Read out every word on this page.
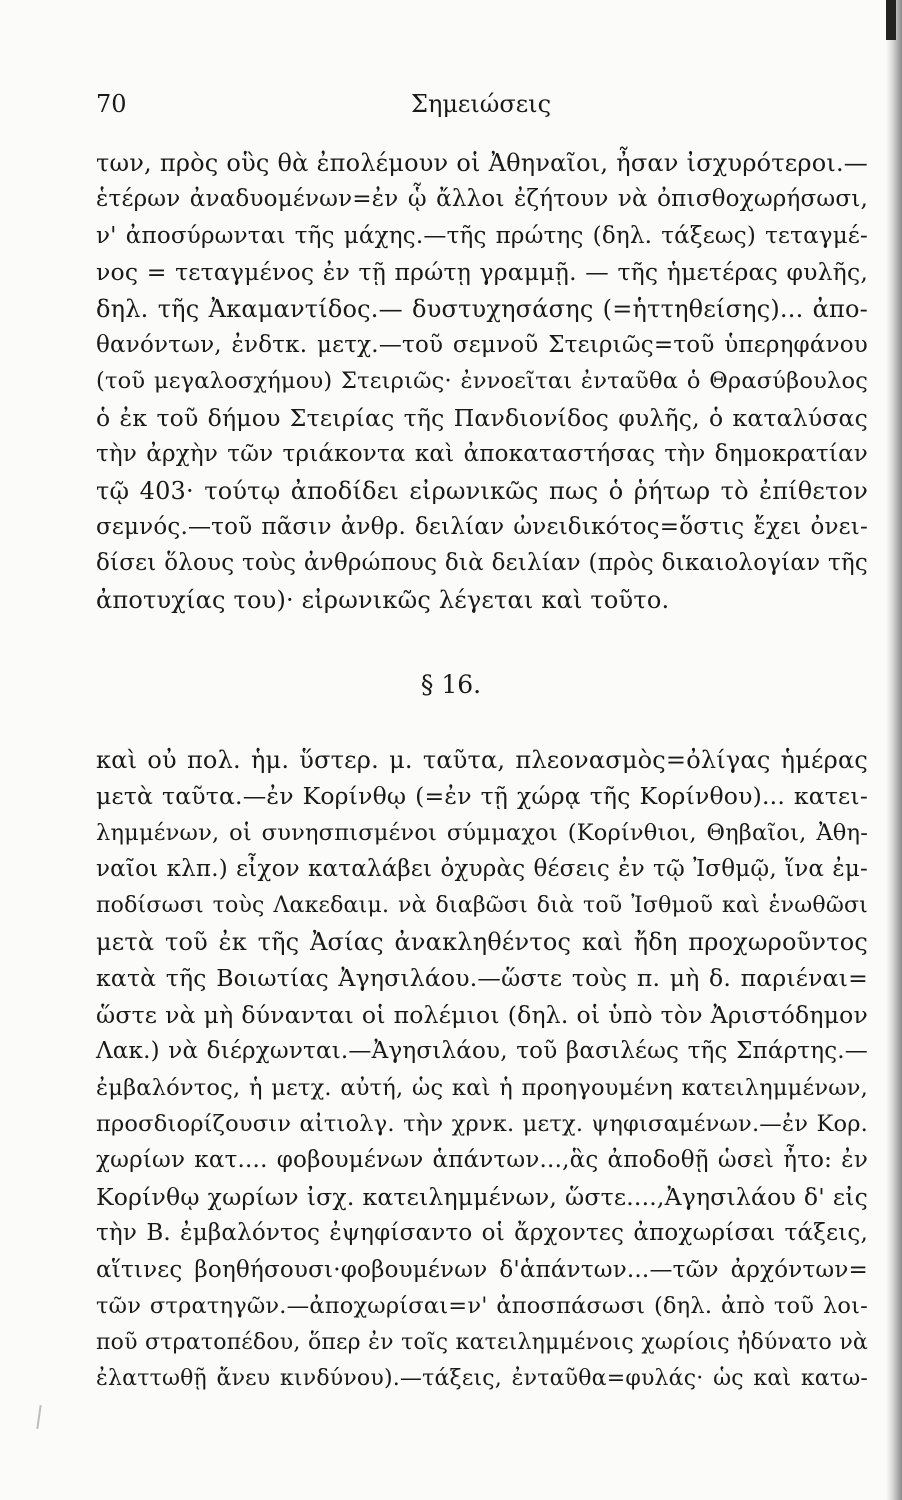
70	Σημειώσεις
των, πρὸς οὓς θὰ ἐπολέμουν οἱ Ἀθηναῖοι, ἦσαν ἰσχυρότεροι.—
ἑτέρων ἀναδυομένων=ἐν ᾧ ἄλλοι ἐζήτουν νὰ ὀπισθοχωρήσωσι,
ν' ἀποσύρωνται τῆς μάχης.—τῆς πρώτης (δηλ. τάξεως) τεταγμέ-
νος = τεταγμένος ἐν τῇ πρώτῃ γραμμῇ. — τῆς ἡμετέρας φυλῆς,
δηλ. τῆς Ἀκαμαντίδος.— δυστυχησάσης (=ἡττηθείσης)... ἀπο-
θανόντων, ἐνδτκ. μετχ.—τοῦ σεμνοῦ Στειριῶς=τοῦ ὑπερηφάνου
(τοῦ μεγαλοσχήμου) Στειριῶς· ἐννοεῖται ἐνταῦθα ὁ Θρασύβουλος
ὁ ἐκ τοῦ δήμου Στειρίας τῆς Πανδιονίδος φυλῆς, ὁ καταλύσας
τὴν ἀρχὴν τῶν τριάκοντα καὶ ἀποκαταστήσας τὴν δημοκρατίαν
τῷ 403· τούτῳ ἀποδίδει εἰρωνικῶς πως ὁ ῥήτωρ τὸ ἐπίθετον
σεμνός.—τοῦ πᾶσιν ἀνθρ. δειλίαν ὠνειδικότος=ὅστις ἔχει ὀνει-
δίσει ὅλους τοὺς ἀνθρώπους διὰ δειλίαν (πρὸς δικαιολογίαν τῆς
ἀποτυχίας του)· εἰρωνικῶς λέγεται καὶ τοῦτο.
§ 16.
καὶ οὐ πολ. ἡμ. ὕστερ. μ. ταῦτα, πλεονασμὸς=ὀλίγας ἡμέρας
μετὰ ταῦτα.—ἐν Κορίνθῳ (=ἐν τῇ χώρᾳ τῆς Κορίνθου)... κατει-
λημμένων, οἱ συνησπισμένοι σύμμαχοι (Κορίνθιοι, Θηβαῖοι, Ἀθη-
ναῖοι κλπ.) εἶχον καταλάβει ὀχυρὰς θέσεις ἐν τῷ Ἰσθμῷ, ἵνα ἐμ-
ποδίσωσι τοὺς Λακεδαιμ. νὰ διαβῶσι διὰ τοῦ Ἰσθμοῦ καὶ ἑνωθῶσι
μετὰ τοῦ ἐκ τῆς Ἀσίας ἀνακληθέντος καὶ ἤδη προχωροῦντος
κατὰ τῆς Βοιωτίας Ἀγησιλάου.—ὥστε τοὺς π. μὴ δ. παριέναι=
ὥστε νὰ μὴ δύνανται οἱ πολέμιοι (δηλ. οἱ ὑπὸ τὸν Ἀριστόδημον
Λακ.) νὰ διέρχωνται.—Ἀγησιλάου, τοῦ βασιλέως τῆς Σπάρτης.—
ἐμβαλόντος, ἡ μετχ. αὐτή, ὡς καὶ ἡ προηγουμένη κατειλημμένων,
προσδιορίζουσιν αἰτιολγ. τὴν χρνκ. μετχ. ψηφισαμένων.—ἐν Κορ.
χωρίων κατ.... φοβουμένων ἁπάντων...,ἃς ἀποδοθῇ ὡσεὶ ἦτο: ἐν
Κορίνθῳ χωρίων ἰσχ. κατειλημμένων, ὥστε....,Ἀγησιλάου δ' εἰς
τὴν Β. ἐμβαλόντος ἐψηφίσαντο οἱ ἄρχοντες ἀποχωρίσαι τάξεις,
αἵτινες βοηθήσουσι·φοβουμένων δ'ἁπάντων...—τῶν ἀρχόντων=
τῶν στρατηγῶν.—ἀποχωρίσαι=ν' ἀποσπάσωσι (δηλ. ἀπὸ τοῦ λοι-
ποῦ στρατοπέδου, ὅπερ ἐν τοῖς κατειλημμένοις χωρίοις ἠδύνατο νὰ
ἐλαττωθῇ ἄνευ κινδύνου).—τάξεις, ἐνταῦθα=φυλάς· ὡς καὶ κατω-
